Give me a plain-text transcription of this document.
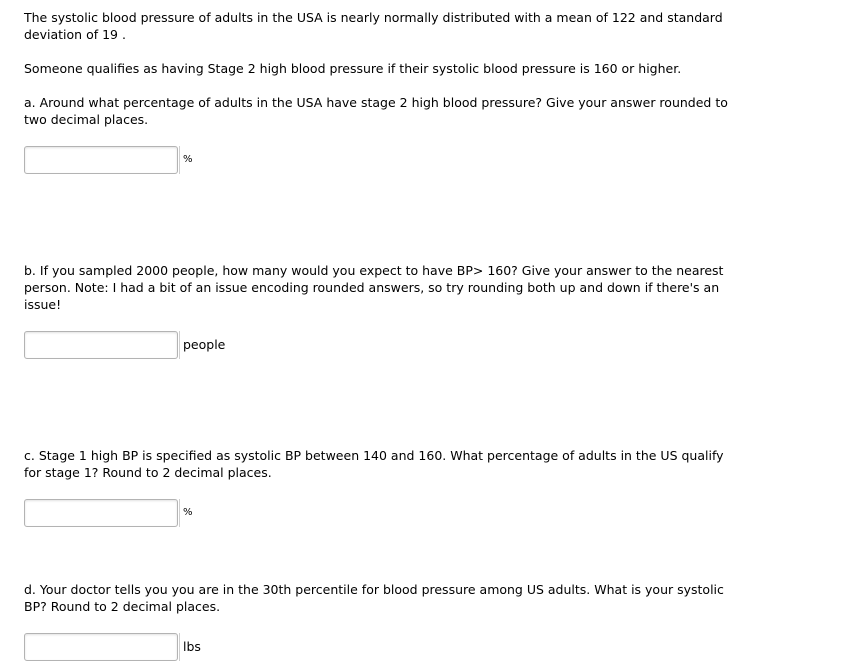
The systolic blood pressure of adults in the USA is nearly normally distributed with a mean of 122 and standard deviation of 19 .

Someone qualifies as having Stage 2 high blood pressure if their systolic blood pressure is 160 or higher.

a. Around what percentage of adults in the USA have stage 2 high blood pressure? Give your answer rounded to two decimal places.

%

b. If you sampled 2000 people, how many would you expect to have BP> 160? Give your answer to the nearest person. Note: I had a bit of an issue encoding rounded answers, so try rounding both up and down if there's an issue!

people

c. Stage 1 high BP is specified as systolic BP between 140 and 160. What percentage of adults in the US qualify for stage 1? Round to 2 decimal places.

%

d. Your doctor tells you you are in the 30th percentile for blood pressure among US adults. What is your systolic BP? Round to 2 decimal places.

lbs
